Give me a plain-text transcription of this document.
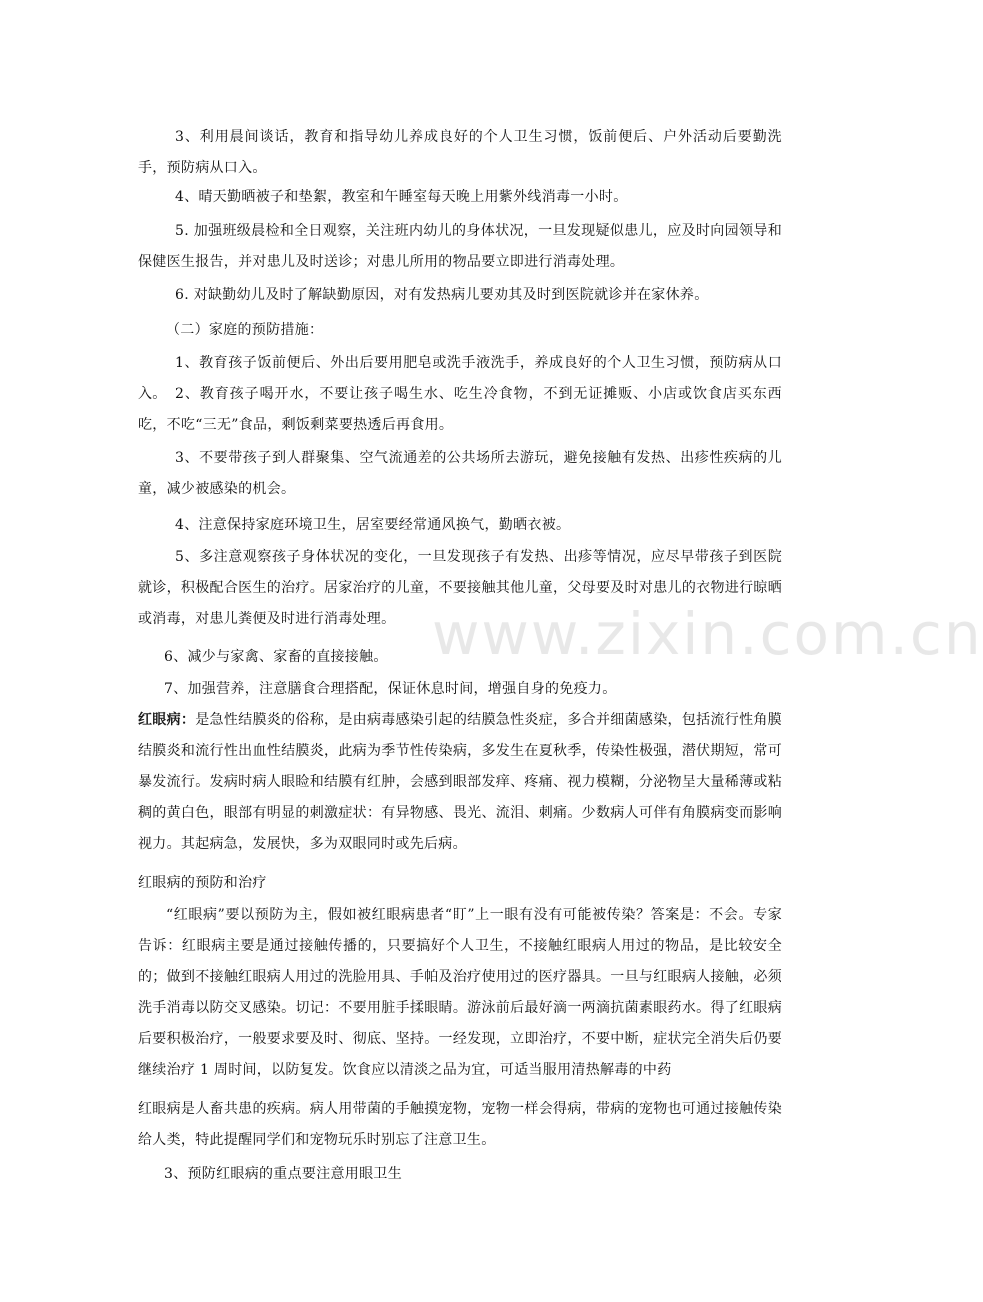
3、利用晨间谈话，教育和指导幼儿养成良好的个人卫生习惯，饭前便后、户外活动后要勤洗手，预防病从口入。

4、晴天勤晒被子和垫絮，教室和午睡室每天晚上用紫外线消毒一小时。

5. 加强班级晨检和全日观察，关注班内幼儿的身体状况，一旦发现疑似患儿，应及时向园领导和保健医生报告，并对患儿及时送诊；对患儿所用的物品要立即进行消毒处理。

6. 对缺勤幼儿及时了解缺勤原因，对有发热病儿要劝其及时到医院就诊并在家休养。

（二）家庭的预防措施：

1、教育孩子饭前便后、外出后要用肥皂或洗手液洗手，养成良好的个人卫生习惯，预防病从口入。 2、教育孩子喝开水，不要让孩子喝生水、吃生冷食物，不到无证摊贩、小店或饮食店买东西吃，不吃“三无”食品，剩饭剩菜要热透后再食用。

3、不要带孩子到人群聚集、空气流通差的公共场所去游玩，避免接触有发热、出疹性疾病的儿童，减少被感染的机会。

4、注意保持家庭环境卫生，居室要经常通风换气，勤晒衣被。

5、多注意观察孩子身体状况的变化，一旦发现孩子有发热、出疹等情况，应尽早带孩子到医院就诊，积极配合医生的治疗。居家治疗的儿童，不要接触其他儿童，父母要及时对患儿的衣物进行晾晒或消毒，对患儿粪便及时进行消毒处理。

6、减少与家禽、家畜的直接接触。

7、加强营养，注意膳食合理搭配，保证休息时间，增强自身的免疫力。

红眼病：是急性结膜炎的俗称，是由病毒感染引起的结膜急性炎症，多合并细菌感染，包括流行性角膜结膜炎和流行性出血性结膜炎，此病为季节性传染病，多发生在夏秋季，传染性极强，潜伏期短，常可暴发流行。发病时病人眼睑和结膜有红肿，会感到眼部发痒、疼痛、视力模糊，分泌物呈大量稀薄或粘稠的黄白色，眼部有明显的刺激症状：有异物感、畏光、流泪、刺痛。少数病人可伴有角膜病变而影响视力。其起病急，发展快，多为双眼同时或先后病。

红眼病的预防和治疗

“红眼病”要以预防为主，假如被红眼病患者“盯”上一眼有没有可能被传染？答案是：不会。专家告诉：红眼病主要是通过接触传播的，只要搞好个人卫生，不接触红眼病人用过的物品，是比较安全的；做到不接触红眼病人用过的洗脸用具、手帕及治疗使用过的医疗器具。一旦与红眼病人接触，必须洗手消毒以防交叉感染。切记：不要用脏手揉眼睛。游泳前后最好滴一两滴抗菌素眼药水。得了红眼病后要积极治疗，一般要求要及时、彻底、坚持。一经发现，立即治疗，不要中断，症状完全消失后仍要继续治疗 1 周时间，以防复发。饮食应以清淡之品为宜，可适当服用清热解毒的中药

红眼病是人畜共患的疾病。病人用带菌的手触摸宠物，宠物一样会得病，带病的宠物也可通过接触传染给人类，特此提醒同学们和宠物玩乐时别忘了注意卫生。

3、预防红眼病的重点要注意用眼卫生

www.zixin.com.cn
